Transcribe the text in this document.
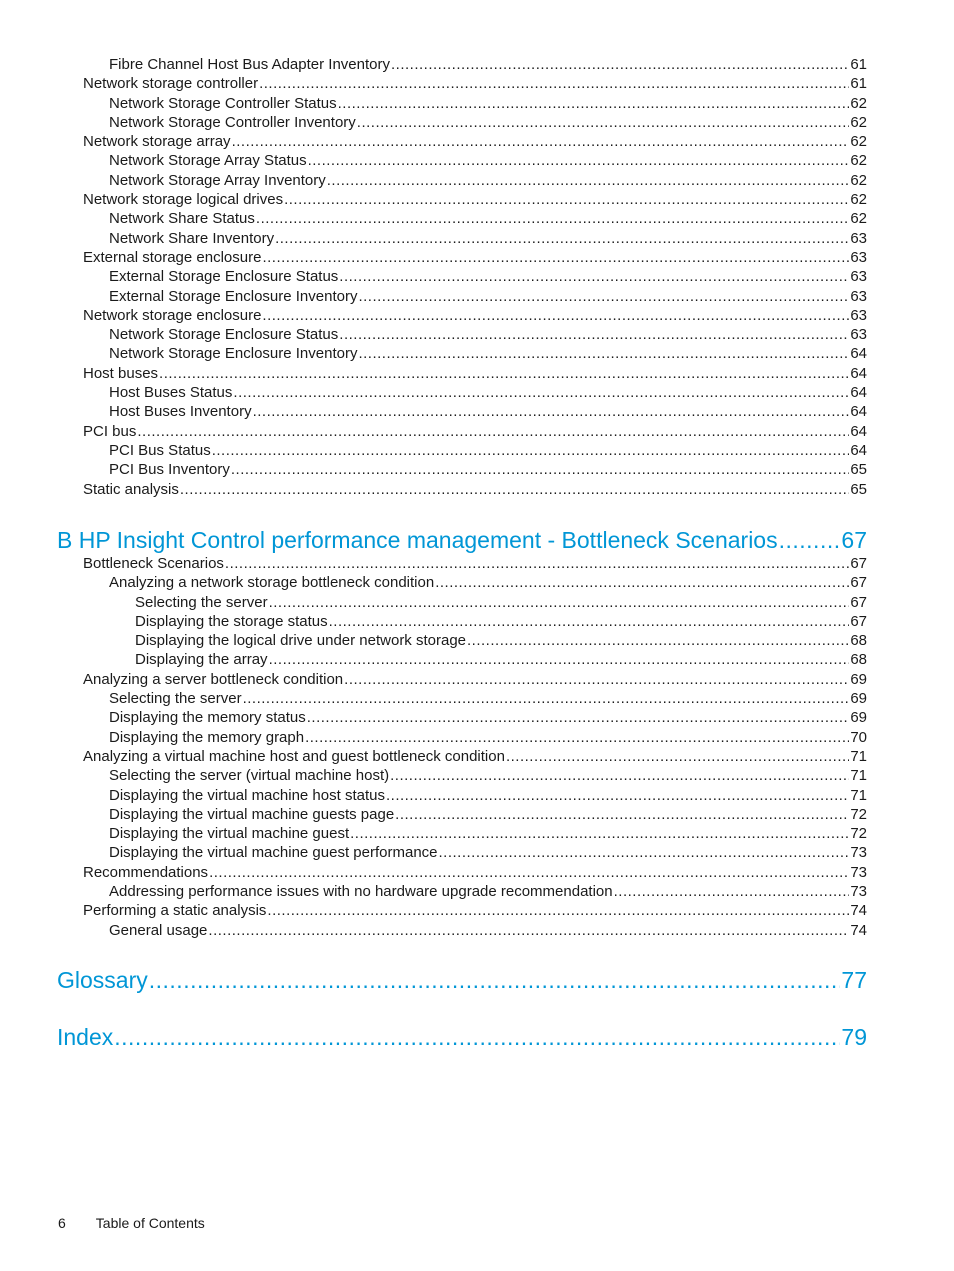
Fibre Channel Host Bus Adapter Inventory .....	61
Network storage controller .....	61
Network Storage Controller Status .....	62
Network Storage Controller Inventory .....	62
Network storage array .....	62
Network Storage Array Status .....	62
Network Storage Array Inventory .....	62
Network storage logical drives .....	62
Network Share Status .....	62
Network Share Inventory .....	63
External storage enclosure .....	63
External Storage Enclosure Status .....	63
External Storage Enclosure Inventory .....	63
Network storage enclosure .....	63
Network Storage Enclosure Status .....	63
Network Storage Enclosure Inventory .....	64
Host buses .....	64
Host Buses Status .....	64
Host Buses Inventory .....	64
PCI bus .....	64
PCI Bus Status .....	64
PCI Bus Inventory .....	65
Static analysis .....	65
B HP Insight Control performance management - Bottleneck Scenarios .....	67
Bottleneck Scenarios .....	67
Analyzing a network storage bottleneck condition .....	67
Selecting the server .....	67
Displaying the storage status .....	67
Displaying the logical drive under network storage .....	68
Displaying the array .....	68
Analyzing a server bottleneck condition .....	69
Selecting the server .....	69
Displaying the memory status .....	69
Displaying the memory graph .....	70
Analyzing a virtual machine host and guest bottleneck condition .....	71
Selecting the server (virtual machine host) .....	71
Displaying the virtual machine host status .....	71
Displaying the virtual machine guests page .....	72
Displaying the virtual machine guest .....	72
Displaying the virtual machine guest performance .....	73
Recommendations .....	73
Addressing performance issues with no hardware upgrade recommendation .....	73
Performing a static analysis .....	74
General usage .....	74
Glossary .....	77
Index .....	79
6 Table of Contents
